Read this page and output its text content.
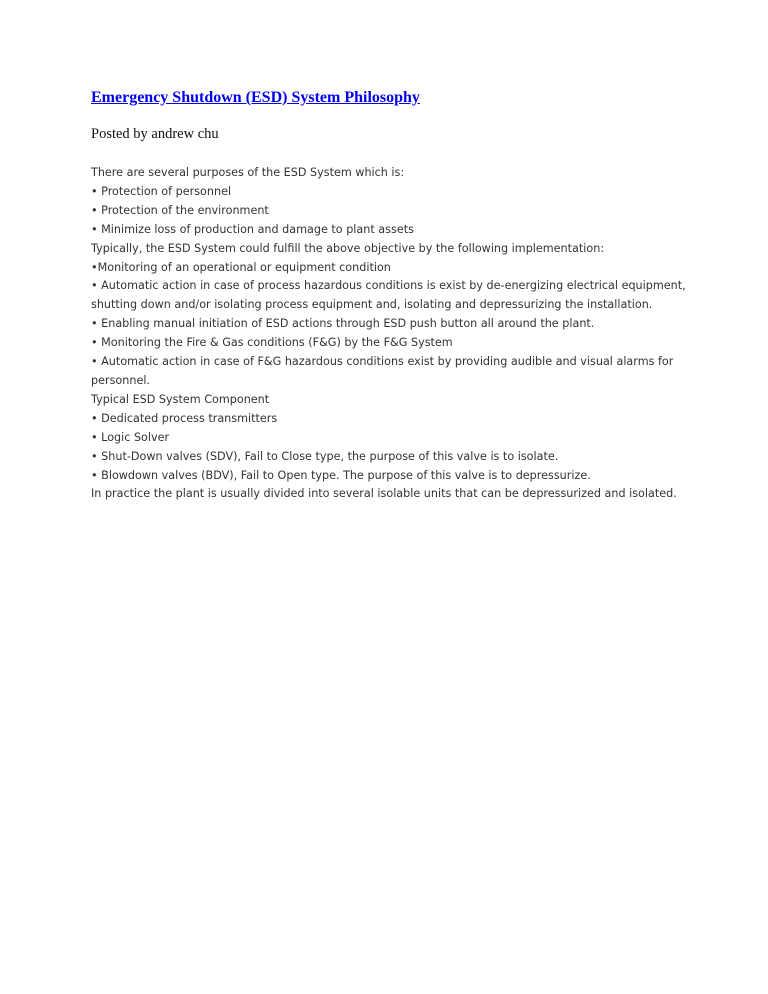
Emergency Shutdown (ESD) System Philosophy
Posted by andrew chu

There are several purposes of the ESD System which is:

• Protection of personnel

• Protection of the environment

• Minimize loss of production and damage to plant assets

Typically, the ESD System could fulfill the above objective by the following implementation:

•Monitoring of an operational or equipment condition

• Automatic action in case of process hazardous conditions is exist by de-energizing electrical equipment, shutting down and/or isolating process equipment and, isolating and depressurizing the installation.

• Enabling manual initiation of ESD actions through ESD push button all around the plant.

• Monitoring the Fire & Gas conditions (F&G) by the F&G System

• Automatic action in case of F&G hazardous conditions exist by providing audible and visual alarms for personnel.

Typical ESD System Component

• Dedicated process transmitters

• Logic Solver

• Shut-Down valves (SDV), Fail to Close type, the purpose of this valve is to isolate.

• Blowdown valves (BDV), Fail to Open type. The purpose of this valve is to depressurize.

In practice the plant is usually divided into several isolable units that can be depressurized and isolated.
